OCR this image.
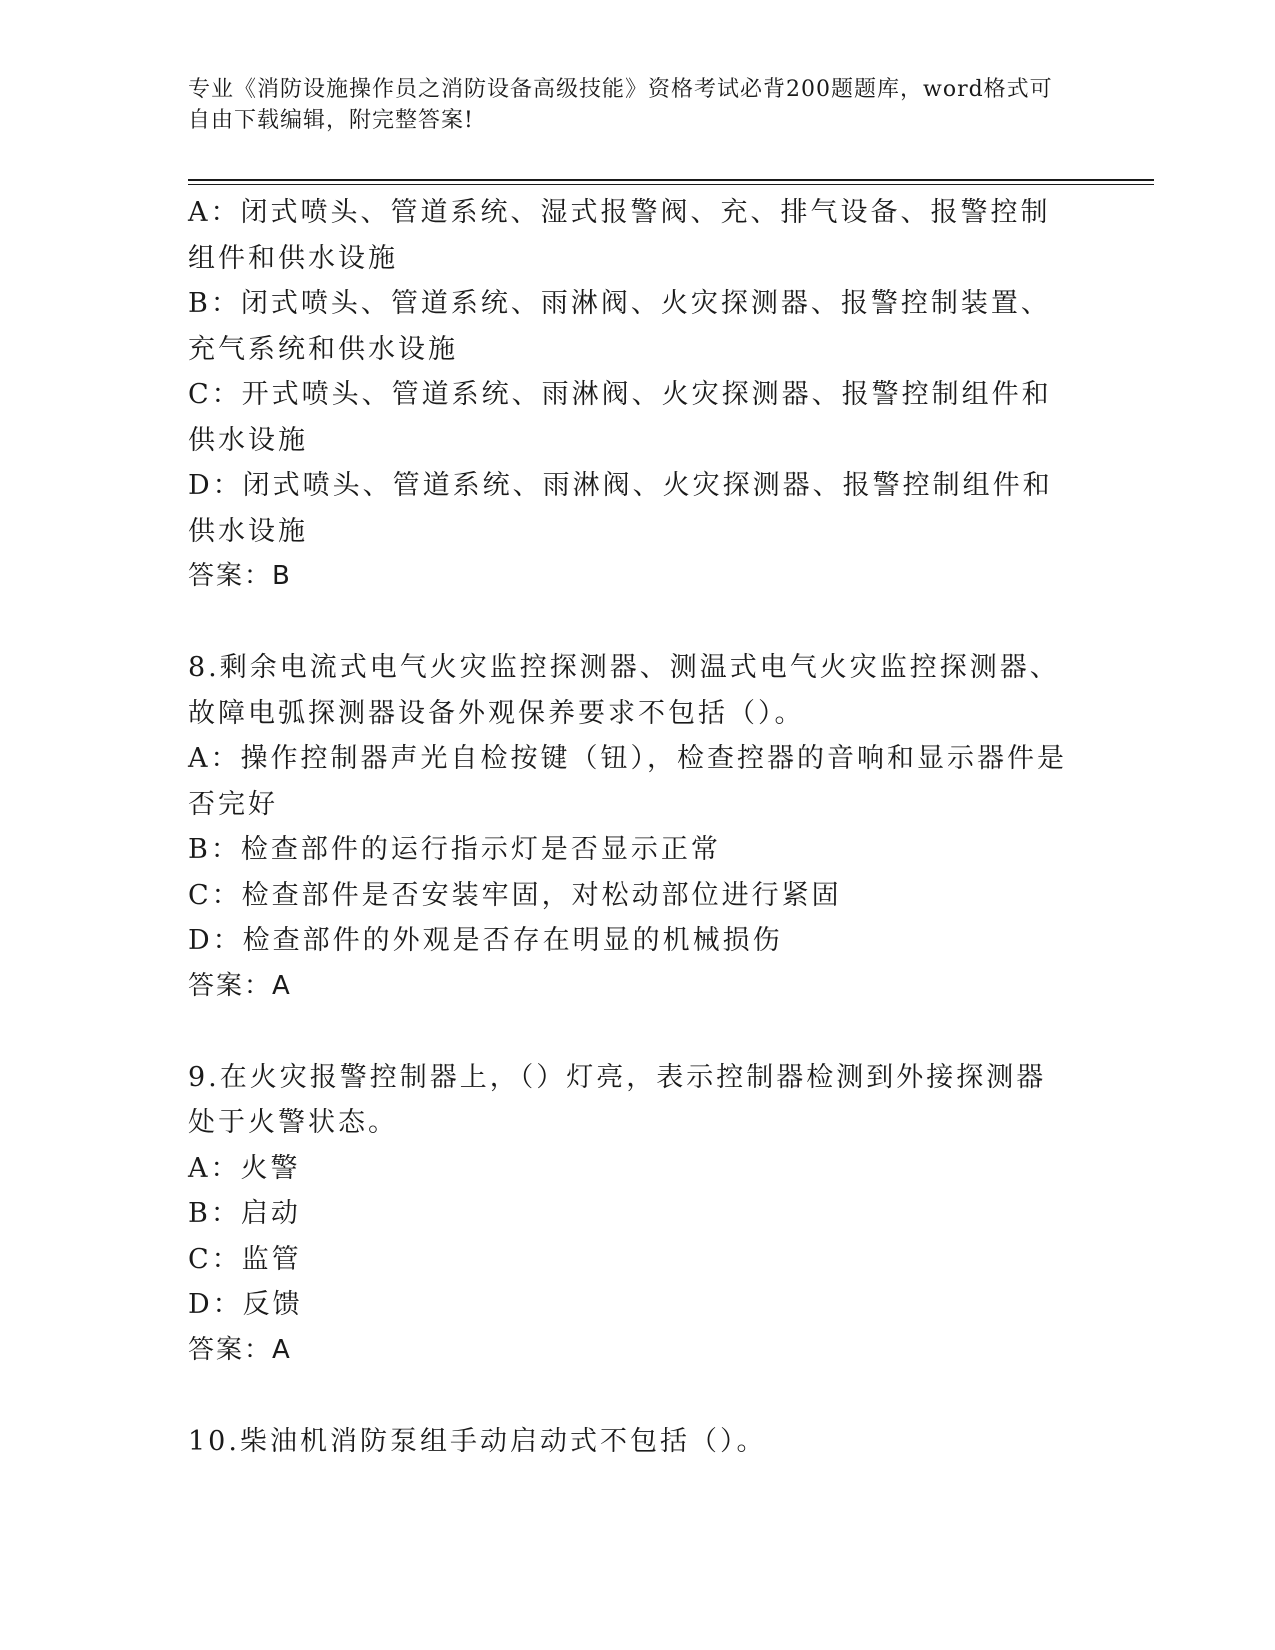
专业《消防设施操作员之消防设备高级技能》资格考试必背200题题库，word格式可自由下载编辑，附完整答案!

A：闭式喷头、管道系统、湿式报警阀、充、排气设备、报警控制组件和供水设施

B：闭式喷头、管道系统、雨淋阀、火灾探测器、报警控制装置、充气系统和供水设施

C：开式喷头、管道系统、雨淋阀、火灾探测器、报警控制组件和供水设施

D：闭式喷头、管道系统、雨淋阀、火灾探测器、报警控制组件和供水设施

答案：B

8.剩余电流式电气火灾监控探测器、测温式电气火灾监控探测器、故障电弧探测器设备外观保养要求不包括（）。

A：操作控制器声光自检按键（钮），检查控器的音响和显示器件是否完好

B：检查部件的运行指示灯是否显示正常

C：检查部件是否安装牢固，对松动部位进行紧固

D：检查部件的外观是否存在明显的机械损伤

答案：A

9.在火灾报警控制器上，（）灯亮，表示控制器检测到外接探测器处于火警状态。

A：火警

B：启动

C：监管

D：反馈

答案：A

10.柴油机消防泵组手动启动式不包括（）。
